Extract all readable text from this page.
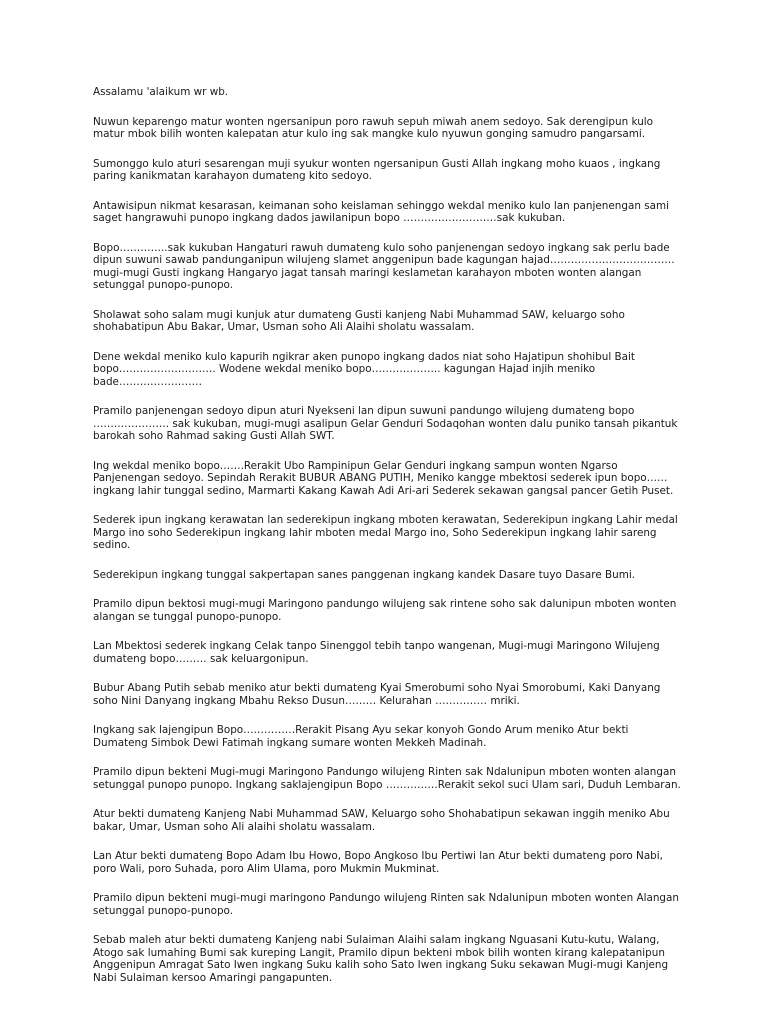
Assalamu 'alaikum wr wb.

Nuwun keparengo matur wonten ngersanipun poro rawuh sepuh miwah anem sedoyo. Sak derengipun kulo matur mbok bilih wonten kalepatan atur kulo ing sak mangke kulo nyuwun gonging samudro pangarsami.

Sumonggo kulo aturi sesarengan muji syukur wonten ngersanipun Gusti Allah ingkang moho kuaos , ingkang paring kanikmatan karahayon dumateng kito sedoyo.

Antawisipun nikmat kesarasan, keimanan soho keislaman sehinggo wekdal meniko kulo lan panjenengan sami saget hangrawuhi punopo ingkang dados jawilanipun bopo ………………………sak kukuban.

Bopo…………..sak kukuban Hangaturi rawuh dumateng kulo soho panjenengan sedoyo ingkang sak perlu bade dipun suwuni sawab pandunganipun wilujeng slamet anggenipun bade kagungan hajad………………………………mugi-mugi Gusti ingkang Hangaryo jagat tansah maringi keslametan karahayon mboten wonten alangan setunggal punopo-punopo.

Sholawat soho salam mugi kunjuk atur dumateng Gusti kanjeng Nabi Muhammad SAW, keluargo soho shohabatipun Abu Bakar, Umar, Usman soho Ali Alaihi sholatu wassalam.

Dene wekdal meniko kulo kapurih ngikrar aken punopo ingkang dados niat soho Hajatipun shohibul Bait bopo………………………. Wodene wekdal meniko bopo……………….. kagungan Hajad injih meniko bade……………………

Pramilo panjenengan sedoyo dipun aturi Nyekseni lan dipun suwuni pandungo wilujeng dumateng bopo …………………. sak kukuban, mugi-mugi asalipun Gelar Genduri Sodaqohan wonten dalu puniko tansah pikantuk barokah soho Rahmad saking Gusti Allah SWT.

Ing wekdal meniko bopo…….Rerakit Ubo Rampinipun Gelar Genduri ingkang sampun wonten Ngarso Panjenengan sedoyo. Sepindah Rerakit BUBUR ABANG PUTIH, Meniko kangge mbektosi sederek ipun bopo…… ingkang lahir tunggal sedino, Marmarti Kakang Kawah Adi Ari-ari Sederek sekawan gangsal pancer Getih Puset.

Sederek ipun ingkang kerawatan lan sederekipun ingkang mboten kerawatan, Sederekipun ingkang Lahir medal Margo ino soho Sederekipun ingkang lahir mboten medal Margo ino, Soho Sederekipun ingkang lahir sareng sedino.

Sederekipun ingkang tunggal sakpertapan sanes panggenan ingkang kandek Dasare tuyo Dasare Bumi.

Pramilo dipun bektosi mugi-mugi Maringono pandungo wilujeng sak rintene soho sak dalunipun mboten wonten alangan se tunggal punopo-punopo.

Lan Mbektosi sederek ingkang Celak tanpo Sinenggol tebih tanpo wangenan, Mugi-mugi Maringono Wilujeng dumateng bopo……… sak keluargonipun.

Bubur Abang Putih sebab meniko atur bekti dumateng Kyai Smerobumi soho Nyai Smorobumi, Kaki Danyang soho Nini Danyang ingkang Mbahu Rekso Dusun……… Kelurahan …………… mriki.

Ingkang sak lajengipun Bopo……………Rerakit Pisang Ayu sekar konyoh Gondo Arum meniko Atur bekti Dumateng Simbok Dewi Fatimah ingkang sumare wonten Mekkeh Madinah.

Pramilo dipun bekteni Mugi-mugi Maringono Pandungo wilujeng Rinten sak Ndalunipun mboten wonten alangan setunggal punopo punopo. Ingkang saklajengipun Bopo ……………Rerakit sekol suci Ulam sari, Duduh Lembaran.

Atur bekti dumateng Kanjeng Nabi Muhammad SAW, Keluargo soho Shohabatipun sekawan inggih meniko Abu bakar, Umar, Usman soho Ali alaihi sholatu wassalam.

Lan Atur bekti dumateng Bopo Adam Ibu Howo, Bopo Angkoso Ibu Pertiwi lan Atur bekti dumateng poro Nabi, poro Wali, poro Suhada, poro Alim Ulama, poro Mukmin Mukminat.

Pramilo dipun bekteni mugi-mugi maringono Pandungo wilujeng Rinten sak Ndalunipun mboten wonten Alangan setunggal punopo-punopo.

Sebab maleh atur bekti dumateng Kanjeng nabi Sulaiman Alaihi salam ingkang Nguasani Kutu-kutu, Walang, Atogo sak lumahing Bumi sak kureping Langit, Pramilo dipun bekteni mbok bilih wonten kirang kalepatanipun Anggenipun Amragat Sato Iwen ingkang Suku kalih soho Sato Iwen ingkang Suku sekawan Mugi-mugi Kanjeng Nabi Sulaiman kersoo Amaringi pangapunten.
